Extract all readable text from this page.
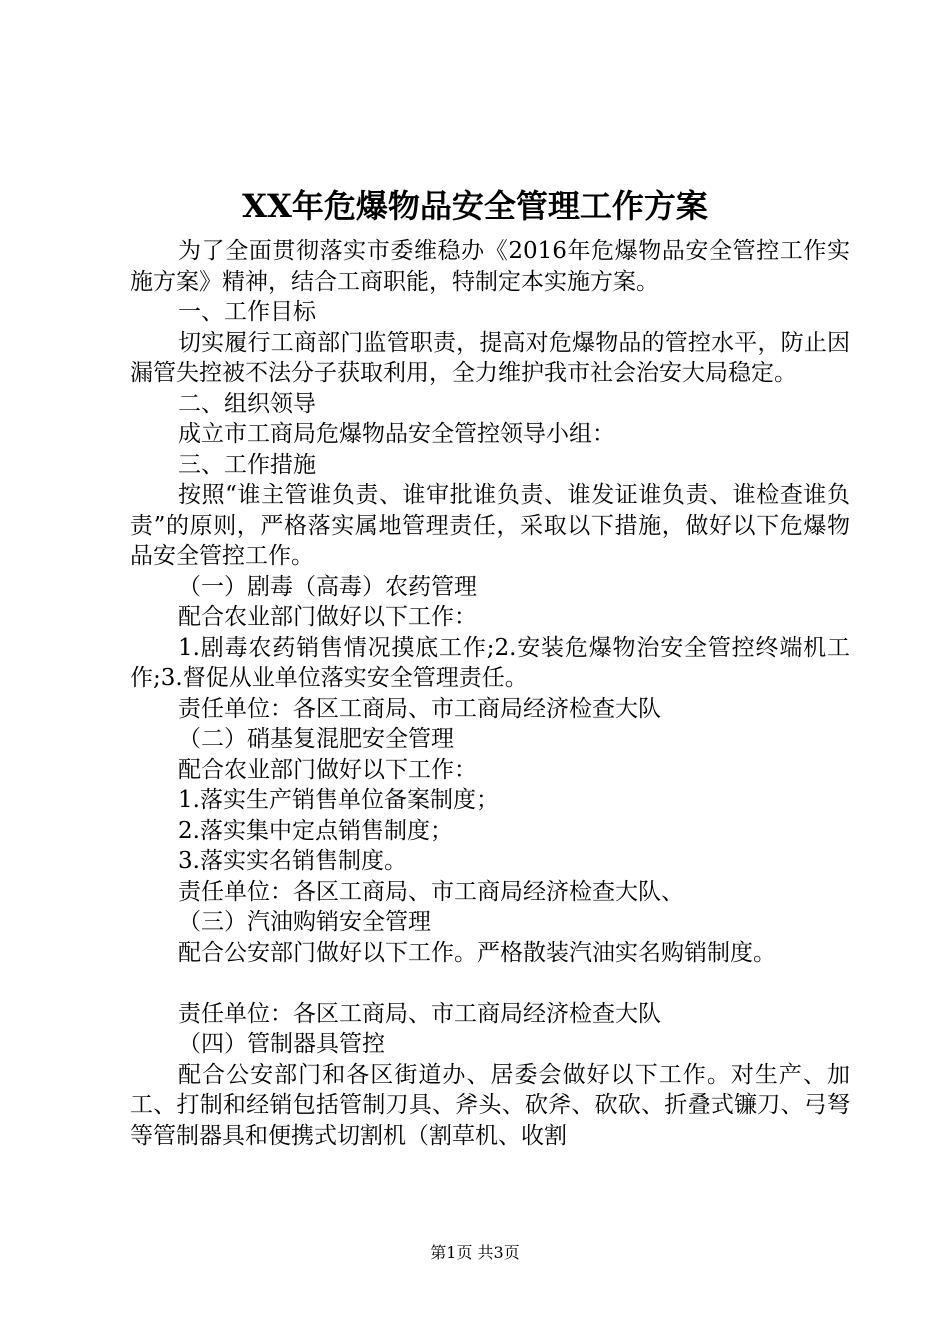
XX年危爆物品安全管理工作方案

为了全面贯彻落实市委维稳办《2016年危爆物品安全管控工作实施方案》精神，结合工商职能，特制定本实施方案。

一、工作目标

切实履行工商部门监管职责，提高对危爆物品的管控水平，防止因漏管失控被不法分子获取利用，全力维护我市社会治安大局稳定。

二、组织领导

成立市工商局危爆物品安全管控领导小组：

三、工作措施

按照“谁主管谁负责、谁审批谁负责、谁发证谁负责、谁检查谁负责”的原则，严格落实属地管理责任，采取以下措施，做好以下危爆物品安全管控工作。

（一）剧毒（高毒）农药管理

配合农业部门做好以下工作：

1.剧毒农药销售情况摸底工作;2.安装危爆物治安全管控终端机工作;3.督促从业单位落实安全管理责任。

责任单位：各区工商局、市工商局经济检查大队

（二）硝基复混肥安全管理

配合农业部门做好以下工作：

1.落实生产销售单位备案制度；

2.落实集中定点销售制度；

3.落实实名销售制度。

责任单位：各区工商局、市工商局经济检查大队、

（三）汽油购销安全管理

配合公安部门做好以下工作。严格散装汽油实名购销制度。

责任单位：各区工商局、市工商局经济检查大队

（四）管制器具管控

配合公安部门和各区街道办、居委会做好以下工作。对生产、加工、打制和经销包括管制刀具、斧头、砍斧、砍砍、折叠式镰刀、弓弩等管制器具和便携式切割机（割草机、收割

第1页 共3页
